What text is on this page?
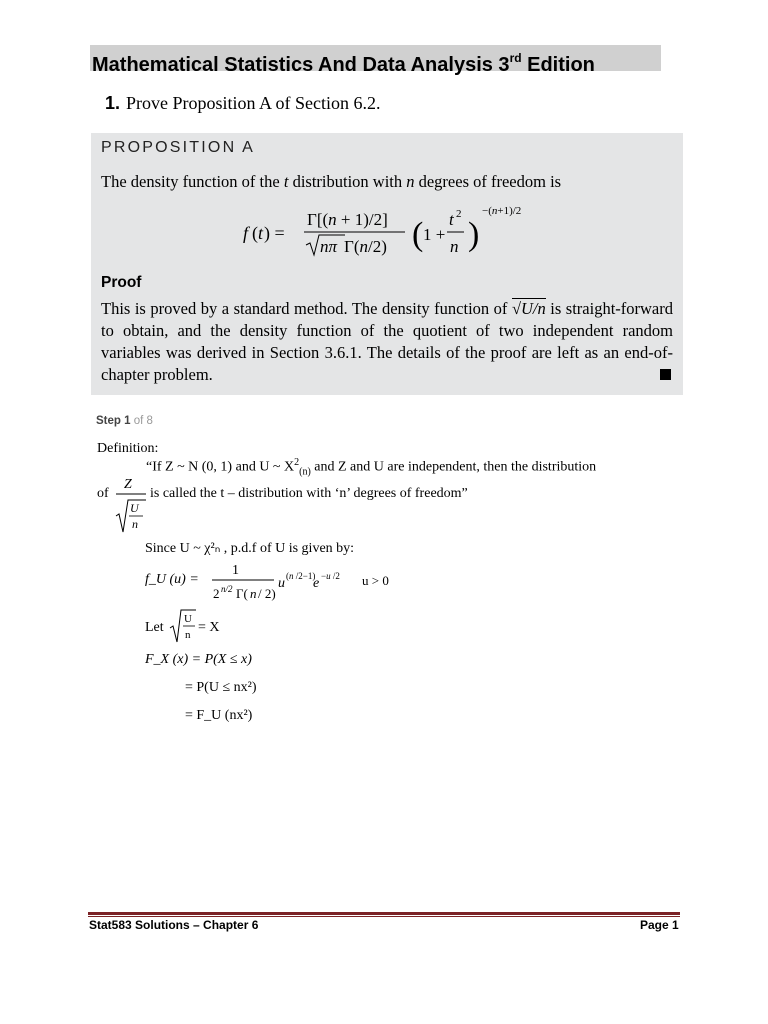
Mathematical Statistics And Data Analysis 3rd Edition
1. Prove Proposition A of Section 6.2.
PROPOSITION A
The density function of the t distribution with n degrees of freedom is
f ( t ) =
Γ[(n + 1)/2]
nπ Γ(n/2) ( 1 +
t 2
n )
−(n+1)/2
Proof
This is proved by a standard method. The density function of √U/n is straight-forward to obtain, and the density function of the quotient of two independent random variables was derived in Section 3.6.1. The details of the proof are left as an end-of-chapter problem.
Step 1 of 8
Definition:
“If Z ~ N (0, 1) and U ~ $X^2_{(n)}$ and Z and U are independent, then the distribution
of
Z
U
n
is called the t – distribution with ‘n’ degrees of freedom”
Since U ~ χ²ₙ , p.d.f of U is given by:
f_U (u) =
1
2 n/2 Γ( n / 2)
u (n /2−1)
e −u /2 u > 0
Let
U
n = X
F_X (x) = P(X ≤ x)
= P(U ≤ nx²)
= F_U (nx²)
Stat583 Solutions – Chapter 6	Page 1
